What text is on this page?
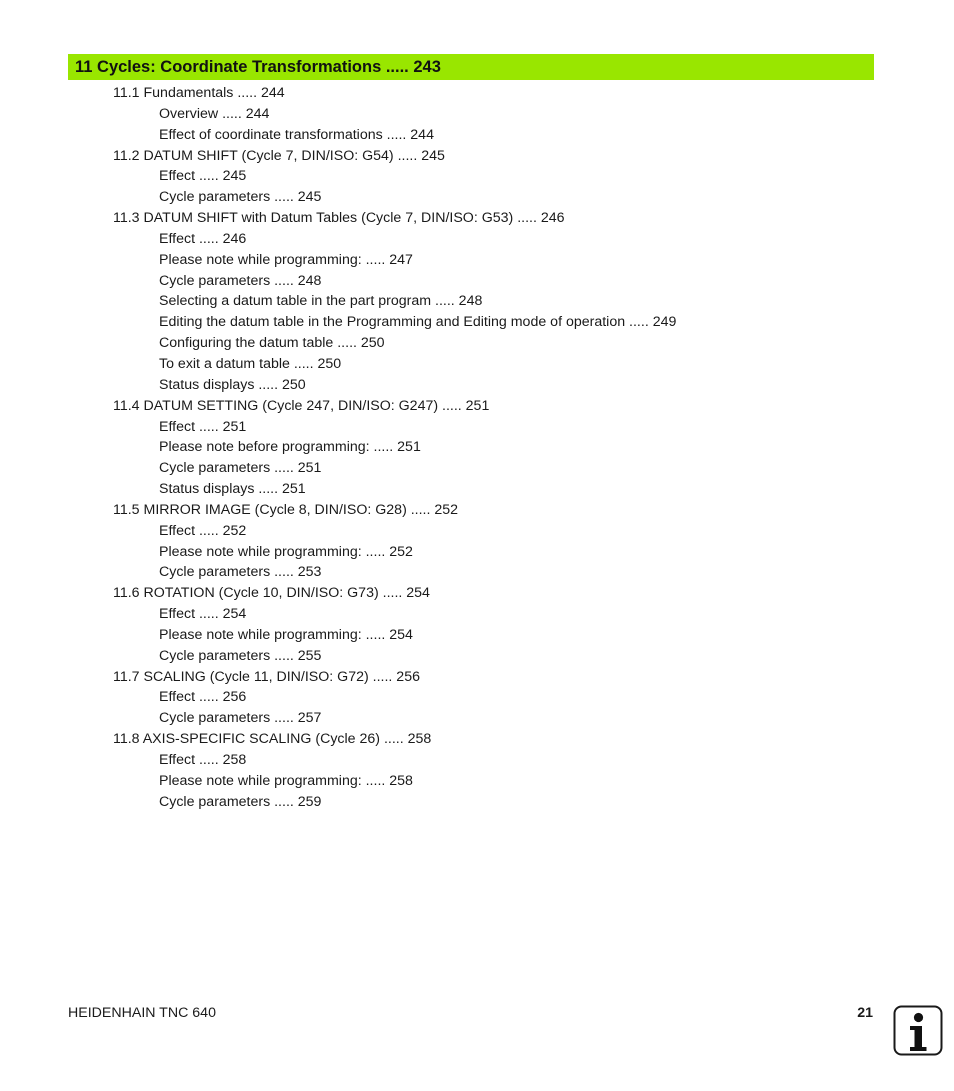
11 Cycles: Coordinate Transformations ..... 243
11.1 Fundamentals ..... 244
Overview ..... 244
Effect of coordinate transformations ..... 244
11.2 DATUM SHIFT (Cycle 7, DIN/ISO: G54) ..... 245
Effect ..... 245
Cycle parameters ..... 245
11.3 DATUM SHIFT with Datum Tables (Cycle 7, DIN/ISO: G53) ..... 246
Effect ..... 246
Please note while programming: ..... 247
Cycle parameters ..... 248
Selecting a datum table in the part program ..... 248
Editing the datum table in the Programming and Editing mode of operation ..... 249
Configuring the datum table ..... 250
To exit a datum table ..... 250
Status displays ..... 250
11.4 DATUM SETTING (Cycle 247, DIN/ISO: G247) ..... 251
Effect ..... 251
Please note before programming: ..... 251
Cycle parameters ..... 251
Status displays ..... 251
11.5 MIRROR IMAGE (Cycle 8, DIN/ISO: G28) ..... 252
Effect ..... 252
Please note while programming: ..... 252
Cycle parameters ..... 253
11.6 ROTATION (Cycle 10, DIN/ISO: G73) ..... 254
Effect ..... 254
Please note while programming: ..... 254
Cycle parameters ..... 255
11.7 SCALING (Cycle 11, DIN/ISO: G72) ..... 256
Effect ..... 256
Cycle parameters ..... 257
11.8 AXIS-SPECIFIC SCALING (Cycle 26) ..... 258
Effect ..... 258
Please note while programming: ..... 258
Cycle parameters ..... 259
HEIDENHAIN TNC 640	21
